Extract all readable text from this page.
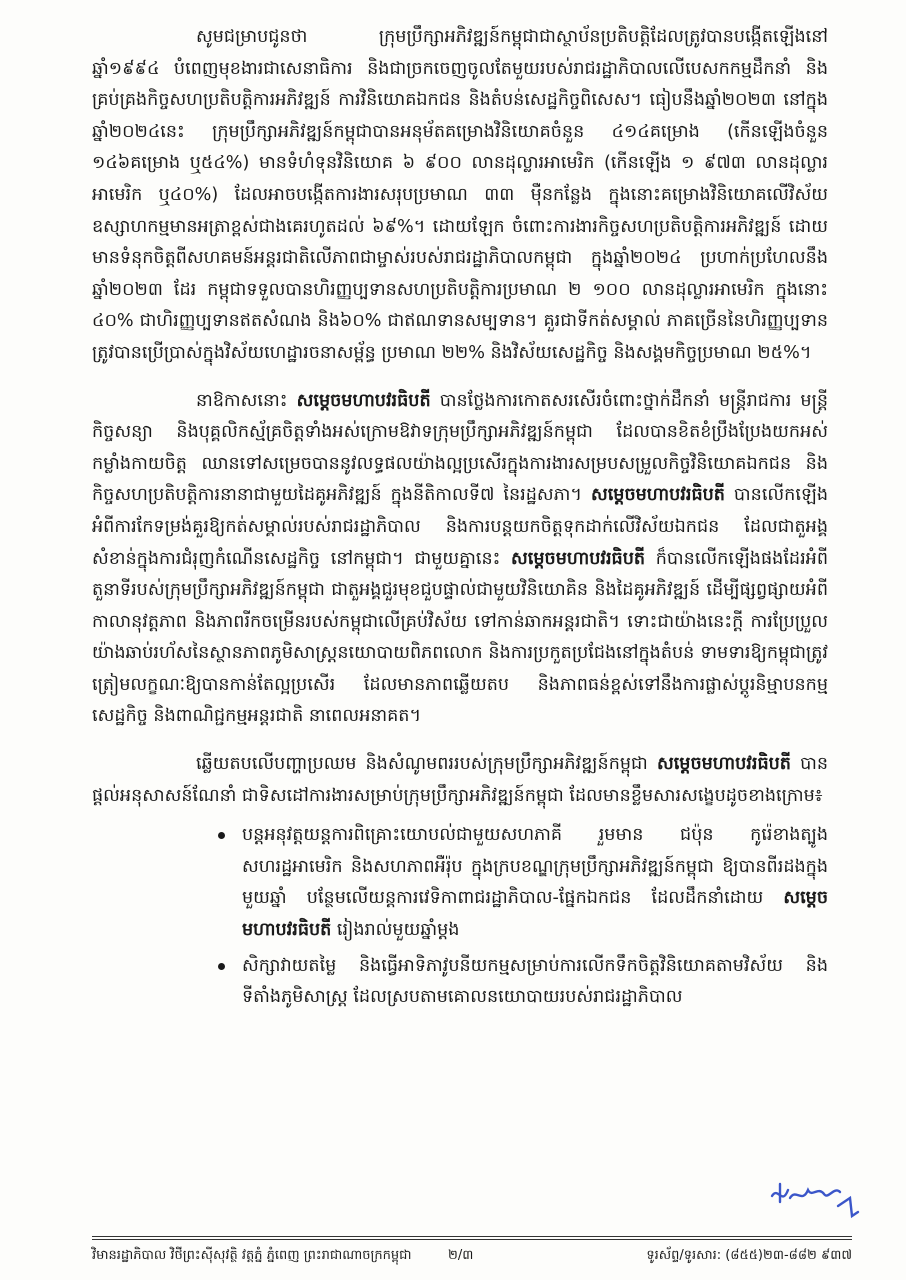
សូមជម្រាបជូនថា ក្រុមប្រឹក្សាអភិវឌ្ឍន៍កម្ពុជាជាស្ថាប័នប្រតិបត្តិដែលត្រូវបានបង្កើតឡើងនៅឆ្នាំ១៩៩៤ បំពេញមុខងារជាសេនាធិការ និងជាច្រកចេញចូលតែមួយរបស់រាជរដ្ឋាភិបាលលើបេសកកម្មដឹកនាំ និងគ្រប់គ្រងកិច្ចសហប្រតិបត្តិការអភិវឌ្ឍន៍ ការវិនិយោគឯកជន និងតំបន់សេដ្ឋកិច្ចពិសេស។ ធៀបនឹងឆ្នាំ២០២៣ នៅក្នុងឆ្នាំ២០២៤នេះ ក្រុមប្រឹក្សាអភិវឌ្ឍន៍កម្ពុជាបានអនុម័តគម្រោងវិនិយោគចំនួន ៤១៤គម្រោង (កើនឡើងចំនួន ១៤៦គម្រោង ឬ៥៤%) មានទំហំទុនវិនិយោគ ៦ ៩០០ លានដុល្លារអាមេរិក (កើនឡើង ១ ៩៧៣ លានដុល្លារអាមេរិក ឬ៤០%) ដែលអាចបង្កើតការងារសរុបប្រមាណ ៣៣ ម៉ឺនកន្លែង ក្នុងនោះគម្រោងវិនិយោគលើវិស័យឧស្សាហកម្មមានអត្រាខ្ពស់ជាងគេរហូតដល់ ៦៩%។ ដោយឡែក ចំពោះការងារកិច្ចសហប្រតិបត្តិការអភិវឌ្ឍន៍ ដោយមានទំនុកចិត្តពីសហគមន៍អន្តរជាតិលើភាពជាម្ចាស់របស់រាជរដ្ឋាភិបាលកម្ពុជា ក្នុងឆ្នាំ២០២៤ ប្រហាក់ប្រហែលនឹងឆ្នាំ២០២៣ ដែរ កម្ពុជាទទួលបានហិរញ្ញប្បទានសហប្រតិបត្តិការប្រមាណ ២ ១០០ លានដុល្លារអាមេរិក ក្នុងនោះ ៤០% ជាហិរញ្ញប្បទានឥតសំណង និង៦០% ជាឥណទានសម្បទាន។ គួរជាទីកត់សម្គាល់ ភាគច្រើននៃហិរញ្ញប្បទានត្រូវបានប្រើប្រាស់ក្នុងវិស័យហេដ្ឋារចនាសម្ព័ន្ធ ប្រមាណ ២២% និងវិស័យសេដ្ឋកិច្ច និងសង្គមកិច្ចប្រមាណ ២៥%។

នាឱកាសនោះ សម្តេចមហាបវរធិបតី បានថ្លែងការកោតសរសើរចំពោះថ្នាក់ដឹកនាំ មន្ត្រីរាជការ មន្ត្រីកិច្ចសន្យា និងបុគ្គលិកស្ម័គ្រចិត្តទាំងអស់ក្រោមឱវាទក្រុមប្រឹក្សាអភិវឌ្ឍន៍កម្ពុជា ដែលបានខិតខំប្រឹងប្រែងយកអស់កម្លាំងកាយចិត្ត ឈានទៅសម្រេចបាននូវលទ្ធផលយ៉ាងល្អប្រសើរក្នុងការងារសម្របសម្រួលកិច្ចវិនិយោគឯកជន និងកិច្ចសហប្រតិបត្តិការនានាជាមួយដៃគូអភិវឌ្ឍន៍ ក្នុងនីតិកាលទី៧ នៃរដ្ឋសភា។ សម្តេចមហាបវរធិបតី បានលើកឡើងអំពីការកែទម្រង់គួរឱ្យកត់សម្គាល់របស់រាជរដ្ឋាភិបាល និងការបន្តយកចិត្តទុកដាក់លើវិស័យឯកជន ដែលជាតួអង្គសំខាន់ក្នុងការជំរុញកំណើនសេដ្ឋកិច្ច នៅកម្ពុជា។ ជាមួយគ្នានេះ សម្តេចមហាបវរធិបតី ក៏បានលើកឡើងផងដែរអំពីតួនាទីរបស់ក្រុមប្រឹក្សាអភិវឌ្ឍន៍កម្ពុជា ជាតួអង្គជួរមុខជួបផ្ទាល់ជាមួយវិនិយោគិន និងដៃគូអភិវឌ្ឍន៍ ដើម្បីផ្សព្វផ្សាយអំពីកាលានុវត្តភាព និងភាពរីកចម្រើនរបស់កម្ពុជាលើគ្រប់វិស័យ ទៅកាន់ឆាកអន្តរជាតិ។ ទោះជាយ៉ាងនេះក្តី ការប្រែប្រួលយ៉ាងឆាប់រហ័សនៃស្ថានភាពភូមិសាស្ត្រនយោបាយពិភពលោក និងការប្រកួតប្រជែងនៅក្នុងតំបន់ ទាមទារឱ្យកម្ពុជាត្រូវត្រៀមលក្ខណៈឱ្យបានកាន់តែល្អប្រសើរ ដែលមានភាពឆ្លើយតប និងភាពធន់ខ្ពស់ទៅនឹងការផ្លាស់ប្តូរនិម្មាបនកម្មសេដ្ឋកិច្ច និងពាណិជ្ជកម្មអន្តរជាតិ នាពេលអនាគត។

ឆ្លើយតបលើបញ្ហាប្រឈម និងសំណូមពររបស់ក្រុមប្រឹក្សាអភិវឌ្ឍន៍កម្ពុជា សម្តេចមហាបវរធិបតី បានផ្តល់អនុសាសន៍ណែនាំ ជាទិសដៅការងារសម្រាប់ក្រុមប្រឹក្សាអភិវឌ្ឍន៍កម្ពុជា ដែលមានខ្លឹមសារសង្ខេបដូចខាងក្រោម៖

បន្តអនុវត្តយន្តការពិគ្រោះយោបល់ជាមួយសហភាគី រួមមាន ជប៉ុន កូរ៉េខាងត្បូង សហរដ្ឋអាមេរិក និងសហភាពអឺរ៉ុប ក្នុងក្របខណ្ឌក្រុមប្រឹក្សាអភិវឌ្ឍន៍កម្ពុជា ឱ្យបានពីរដងក្នុងមួយឆ្នាំ បន្ថែមលើយន្តការវេទិកាពាជរដ្ឋាភិបាល-ផ្នែកឯកជន ដែលដឹកនាំដោយ សម្តេចមហាបវរធិបតី រៀងរាល់មួយឆ្នាំម្តង
សិក្សាវាយតម្លៃ និងធ្វើអាទិភាវូបនីយកម្មសម្រាប់ការលើកទឹកចិត្តវិនិយោគតាមវិស័យ និងទីតាំងភូមិសាស្ត្រ ដែលស្របតាមគោលនយោបាយរបស់រាជរដ្ឋាភិបាល
វិមានរដ្ឋាភិបាល វិថីព្រះស៊ីសុវត្ថិ វត្តភ្នំ ភ្នំពេញ ព្រះរាជាណាចក្រកម្ពុជា	២/៣	ទូរស័ព្ទ/ទូរសារ: (៨៥៥)២៣-៨៨២ ៩៣៧
